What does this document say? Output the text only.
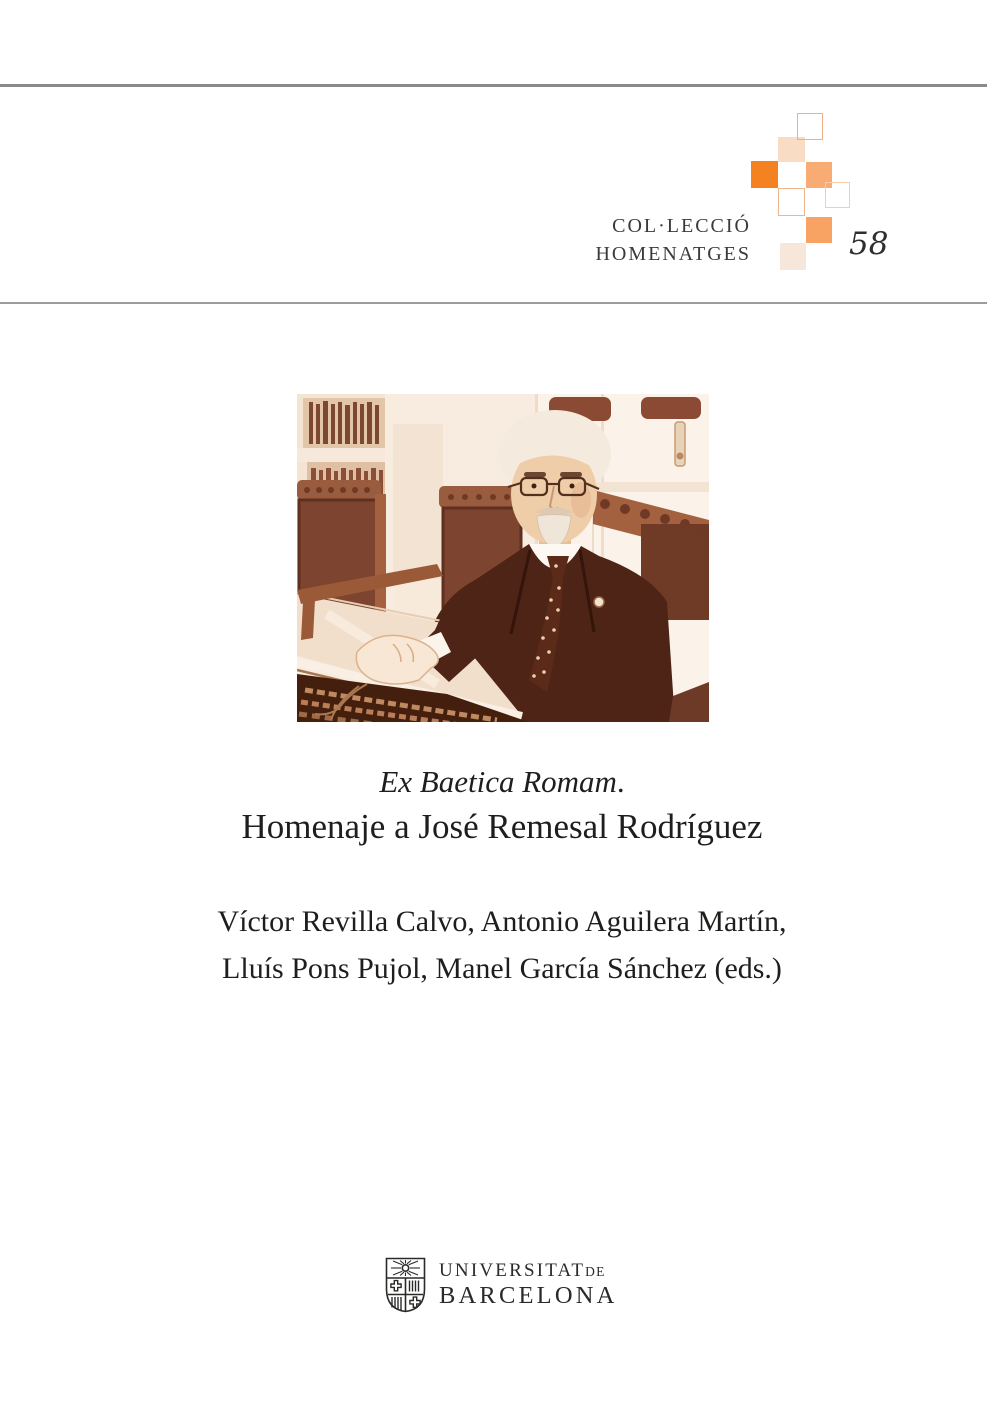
COL·LECCIÓ
HOMENATGES	58
Ex Baetica Romam.
Homenaje a José Remesal Rodríguez
Víctor Revilla Calvo, Antonio Aguilera Martín,
Lluís Pons Pujol, Manel García Sánchez (eds.)
UNIVERSITATDE
BARCELONA
